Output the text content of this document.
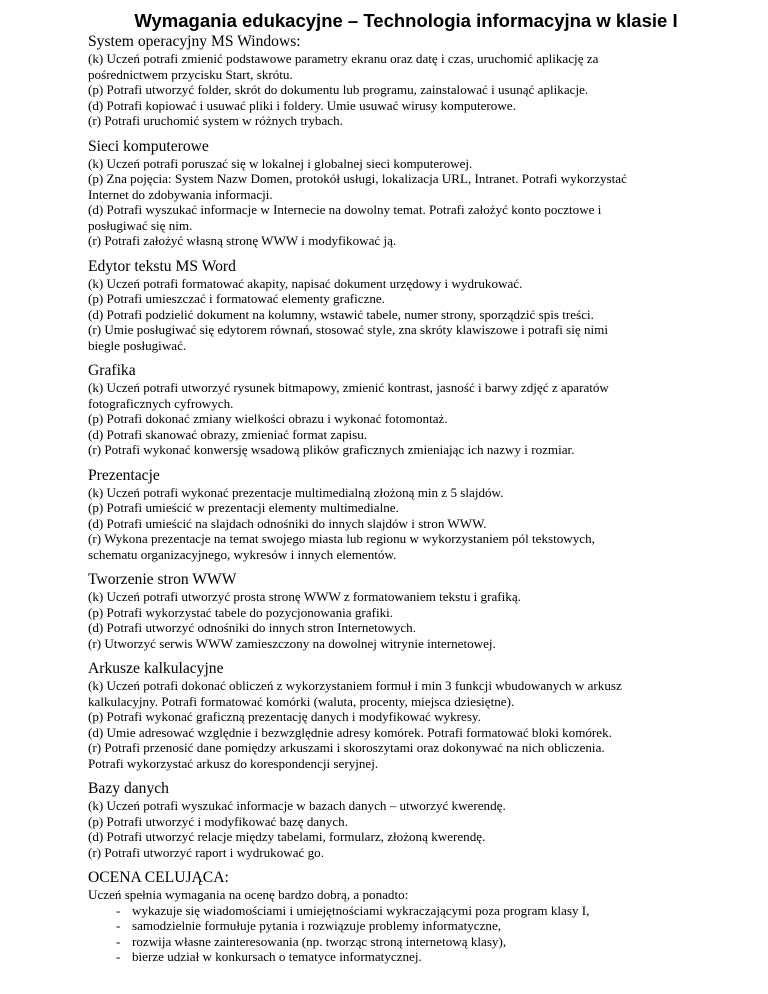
Wymagania edukacyjne – Technologia informacyjna w klasie I
System operacyjny MS Windows:
(k) Uczeń potrafi zmienić podstawowe parametry ekranu oraz datę i czas, uruchomić aplikację za
pośrednictwem przycisku Start, skrótu.
(p) Potrafi utworzyć folder, skrót do dokumentu lub programu, zainstalować i usunąć aplikacje.
(d) Potrafi kopiować i usuwać pliki i foldery. Umie usuwać wirusy komputerowe.
(r) Potrafi uruchomić system w różnych trybach.
Sieci komputerowe
(k) Uczeń potrafi poruszać się w lokalnej i globalnej sieci komputerowej.
(p) Zna pojęcia: System Nazw Domen, protokół usługi, lokalizacja URL, Intranet. Potrafi wykorzystać
Internet do zdobywania informacji.
(d) Potrafi wyszukać informacje w Internecie na dowolny temat. Potrafi założyć konto pocztowe i
posługiwać się nim.
(r) Potrafi założyć własną stronę WWW i modyfikować ją.
Edytor tekstu MS Word
(k) Uczeń potrafi formatować akapity, napisać dokument urzędowy i wydrukować.
(p) Potrafi umieszczać i formatować elementy graficzne.
(d) Potrafi podzielić dokument na kolumny, wstawić tabele, numer strony, sporządzić spis treści.
(r) Umie posługiwać się edytorem równań, stosować style, zna skróty klawiszowe i potrafi się nimi
biegle posługiwać.
Grafika
(k) Uczeń potrafi utworzyć rysunek bitmapowy, zmienić kontrast, jasność i barwy zdjęć z aparatów
fotograficznych cyfrowych.
(p) Potrafi dokonać zmiany wielkości obrazu i wykonać fotomontaż.
(d) Potrafi skanować obrazy, zmieniać format zapisu.
(r) Potrafi wykonać konwersję wsadową plików graficznych zmieniając ich nazwy i rozmiar.
Prezentacje
(k) Uczeń potrafi wykonać prezentacje multimedialną złożoną min z 5 slajdów.
(p) Potrafi umieścić w prezentacji elementy multimedialne.
(d) Potrafi umieścić na slajdach odnośniki do innych slajdów i stron WWW.
(r) Wykona prezentacje na temat swojego miasta lub regionu w wykorzystaniem pól tekstowych,
schematu organizacyjnego, wykresów i innych elementów.
Tworzenie stron WWW
(k) Uczeń potrafi utworzyć prosta stronę WWW z formatowaniem tekstu i grafiką.
(p) Potrafi wykorzystać tabele do pozycjonowania grafiki.
(d) Potrafi utworzyć odnośniki do innych stron Internetowych.
(r) Utworzyć serwis WWW zamieszczony na dowolnej witrynie internetowej.
Arkusze kalkulacyjne
(k) Uczeń potrafi dokonać obliczeń z wykorzystaniem formuł i min 3 funkcji wbudowanych w arkusz
kalkulacyjny. Potrafi formatować komórki (waluta, procenty, miejsca dziesiętne).
(p) Potrafi wykonać graficzną prezentację danych i modyfikować wykresy.
(d) Umie adresować względnie i bezwzględnie adresy komórek. Potrafi formatować bloki komórek.
(r) Potrafi przenosić dane pomiędzy arkuszami i skoroszytami oraz dokonywać na nich obliczenia.
Potrafi wykorzystać arkusz do korespondencji seryjnej.
Bazy danych
(k) Uczeń potrafi wyszukać informacje w bazach danych – utworzyć kwerendę.
(p) Potrafi utworzyć i modyfikować bazę danych.
(d) Potrafi utworzyć relacje między tabelami, formularz, złożoną kwerendę.
(r) Potrafi utworzyć raport i wydrukować go.
OCENA CELUJĄCA:
Uczeń spełnia wymagania na ocenę bardzo dobrą, a ponadto:
- wykazuje się wiadomościami i umiejętnościami wykraczającymi poza program klasy I,
- samodzielnie formułuje pytania i rozwiązuje problemy informatyczne,
- rozwija własne zainteresowania (np. tworząc stroną internetową klasy),
- bierze udział w konkursach o tematyce informatycznej.
